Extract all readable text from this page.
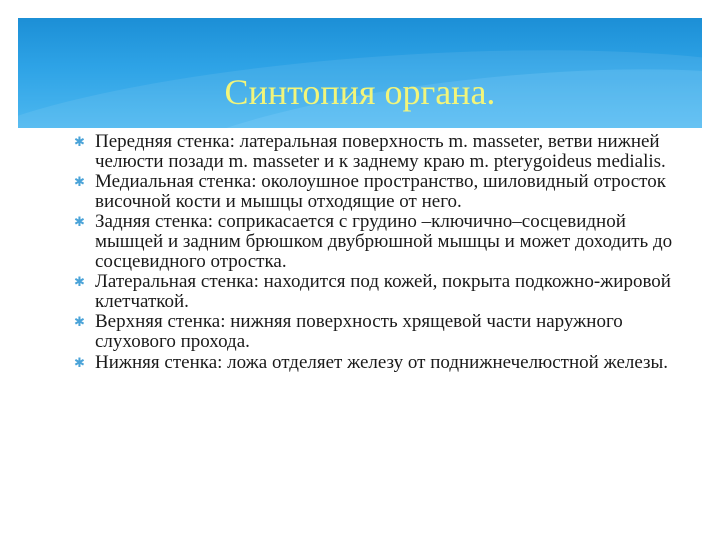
Синтопия органа.
✱ Передняя стенка: латеральная поверхность m. masseter, ветви нижней челюсти позади m. masseter и к заднему краю m. pterygoideus medialis.
✱ Медиальная стенка: околоушное пространство, шиловидный отросток височной кости и мышцы отходящие от него.
✱ Задняя стенка: соприкасается с грудино –ключично–сосцевидной мышцей и задним брюшком двубрюшной мышцы и может доходить до сосцевидного отростка.
✱ Латеральная стенка: находится под кожей, покрыта подкожно-жировой клетчаткой.
✱ Верхняя стенка: нижняя поверхность хрящевой части наружного слухового прохода.
✱ Нижняя стенка: ложа отделяет железу от поднижнечелюстной железы.
